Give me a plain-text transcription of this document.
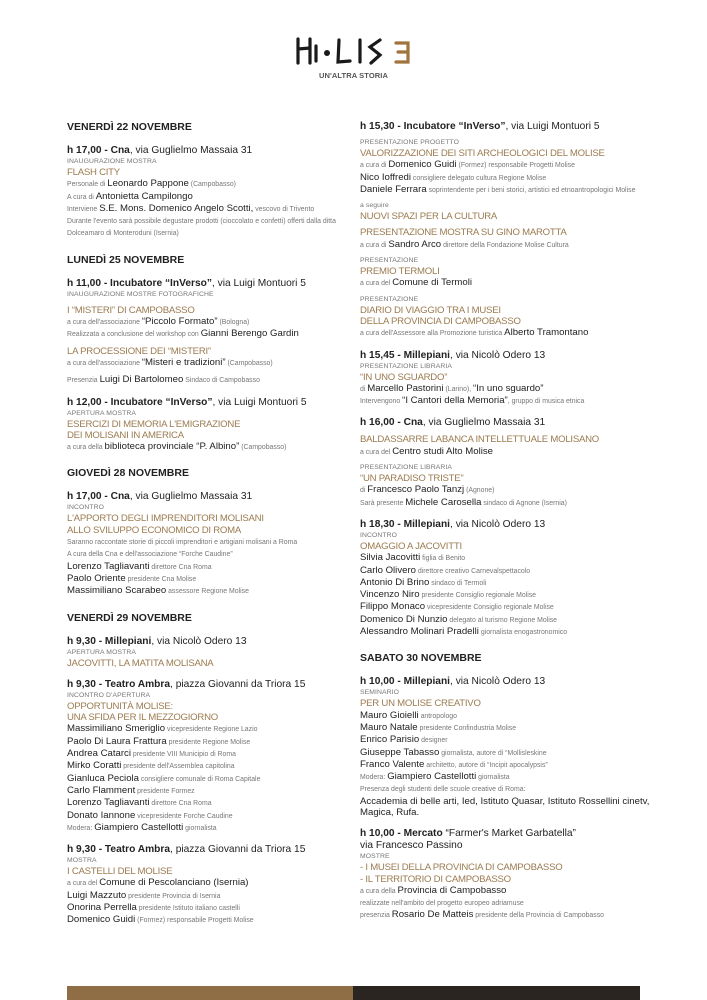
UN'ALTRA STORIA
VENERDÌ 22 NOVEMBRE
h 17,00 - Cna, via Guglielmo Massaia 31
INAUGURAZIONE MOSTRA
FLASH CITY
Personale di Leonardo Pappone (Campobasso)
A cura di Antonietta Campilongo
Interviene S.E. Mons. Domenico Angelo Scotti, vescovo di Trivento
Durante l'evento sarà possibile degustare prodotti (cioccolato e confetti) offerti dalla ditta Dolceamaro di Monteroduni (Isernia)
LUNEDÌ 25 NOVEMBRE
h 11,00 - Incubatore “InVerso”, via Luigi Montuori 5
INAUGURAZIONE MOSTRE FOTOGRAFICHE
I “MISTERI” DI CAMPOBASSO
a cura dell'associazione “Piccolo Formato” (Bologna)
Realizzata a conclusione del workshop con Gianni Berengo Gardin
LA PROCESSIONE DEI “MISTERI”
a cura dell'associazione “Misteri e tradizioni” (Campobasso)
Presenzia Luigi Di Bartolomeo Sindaco di Campobasso
h 12,00 - Incubatore “InVerso”, via Luigi Montuori 5
APERTURA MOSTRA
ESERCIZI DI MEMORIA L'EMIGRAZIONE
DEI MOLISANI IN AMERICA
a cura della biblioteca provinciale “P. Albino” (Campobasso)
GIOVEDÌ 28 NOVEMBRE
h 17,00 - Cna, via Guglielmo Massaia 31
INCONTRO
L'APPORTO DEGLI IMPRENDITORI MOLISANI
ALLO SVILUPPO ECONOMICO DI ROMA
Saranno raccontate storie di piccoli imprenditori e artigiani molisani a Roma
A cura della Cna e dell'associazione “Forche Caudine”
Lorenzo Tagliavanti direttore Cna Roma
Paolo Oriente presidente Cna Molise
Massimiliano Scarabeo assessore Regione Molise
VENERDÌ 29 NOVEMBRE
h 9,30 - Millepiani, via Nicolò Odero 13
APERTURA MOSTRA
JACOVITTI, LA MATITA MOLISANA
h 9,30 - Teatro Ambra, piazza Giovanni da Triora 15
INCONTRO D'APERTURA
OPPORTUNITÀ MOLISE:
UNA SFIDA PER IL MEZZOGIORNO
Massimiliano Smeriglio vicepresidente Regione Lazio
Paolo Di Laura Frattura presidente Regione Molise
Andrea Catarci presidente VIII Municipio di Roma
Mirko Coratti presidente dell'Assemblea capitolina
Gianluca Peciola consigliere comunale di Roma Capitale
Carlo Flamment presidente Formez
Lorenzo Tagliavanti direttore Cna Roma
Donato Iannone vicepresidente Forche Caudine
Modera: Giampiero Castellotti giornalista
h 9,30 - Teatro Ambra, piazza Giovanni da Triora 15
MOSTRA
I CASTELLI DEL MOLISE
a cura del Comune di Pescolanciano (Isernia)
Luigi Mazzuto presidente Provincia di Isernia
Onorina Perrella presidente Istituto italiano castelli
Domenico Guidi (Formez) responsabile Progetti Molise
h 15,30 - Incubatore “InVerso”, via Luigi Montuori 5
PRESENTAZIONE PROGETTO
VALORIZZAZIONE DEI SITI ARCHEOLOGICI DEL MOLISE
a cura di Domenico Guidi (Formez) responsabile Progetti Molise
Nico Ioffredi consigliere delegato cultura Regione Molise
Daniele Ferrara soprintendente per i beni storici, artistici ed etnoantropologici Molise
a seguire
NUOVI SPAZI PER LA CULTURA
PRESENTAZIONE MOSTRA SU GINO MAROTTA
a cura di Sandro Arco direttore della Fondazione Molise Cultura
PRESENTAZIONE
PREMIO TERMOLI
a cura del Comune di Termoli
PRESENTAZIONE
DIARIO DI VIAGGIO TRA I MUSEI
DELLA PROVINCIA DI CAMPOBASSO
a cura dell'Assessore alla Promozione turistica Alberto Tramontano
h 15,45 - Millepiani, via Nicolò Odero 13
PRESENTAZIONE LIBRARIA
“IN UNO SGUARDO”
di Marcello Pastorini (Larino), “In uno sguardo”
Intervengono “I Cantori della Memoria”, gruppo di musica etnica
h 16,00 - Cna, via Guglielmo Massaia 31
BALDASSARRE LABANCA INTELLETTUALE MOLISANO
a cura del Centro studi Alto Molise
PRESENTAZIONE LIBRARIA
“UN PARADISO TRISTE”
di Francesco Paolo Tanzj (Agnone)
Sarà presente Michele Carosella sindaco di Agnone (Isernia)
h 18,30 - Millepiani, via Nicolò Odero 13
INCONTRO
OMAGGIO A JACOVITTI
Silvia Jacovitti figlia di Benito
Carlo Olivero direttore creativo Carnevalspettacolo
Antonio Di Brino sindaco di Termoli
Vincenzo Niro presidente Consiglio regionale Molise
Filippo Monaco vicepresidente Consiglio regionale Molise
Domenico Di Nunzio delegato al turismo Regione Molise
Alessandro Molinari Pradelli giornalista enogastronomico
SABATO 30 NOVEMBRE
h 10,00 - Millepiani, via Nicolò Odero 13
SEMINARIO
PER UN MOLISE CREATIVO
Mauro Gioielli antropologo
Mauro Natale presidente Confindustria Molise
Enrico Parisio designer
Giuseppe Tabasso giornalista, autore di “Mollisleskine
Franco Valente architetto, autore di “Incipit apocalypsis”
Modera: Giampiero Castellotti giornalista
Presenza degli studenti delle scuole creative di Roma:
Accademia di belle arti, Ied, Istituto Quasar, Istituto Rossellini cinetv, Magica, Rufa.
h 10,00 - Mercato “Farmer's Market Garbatella”
via Francesco Passino
MOSTRE
- I MUSEI DELLA PROVINCIA DI CAMPOBASSO
- IL TERRITORIO DI CAMPOBASSO
a cura della Provincia di Campobasso
realizzate nell'ambito del progetto europeo adriamuse
presenzia Rosario De Matteis presidente della Provincia di Campobasso
